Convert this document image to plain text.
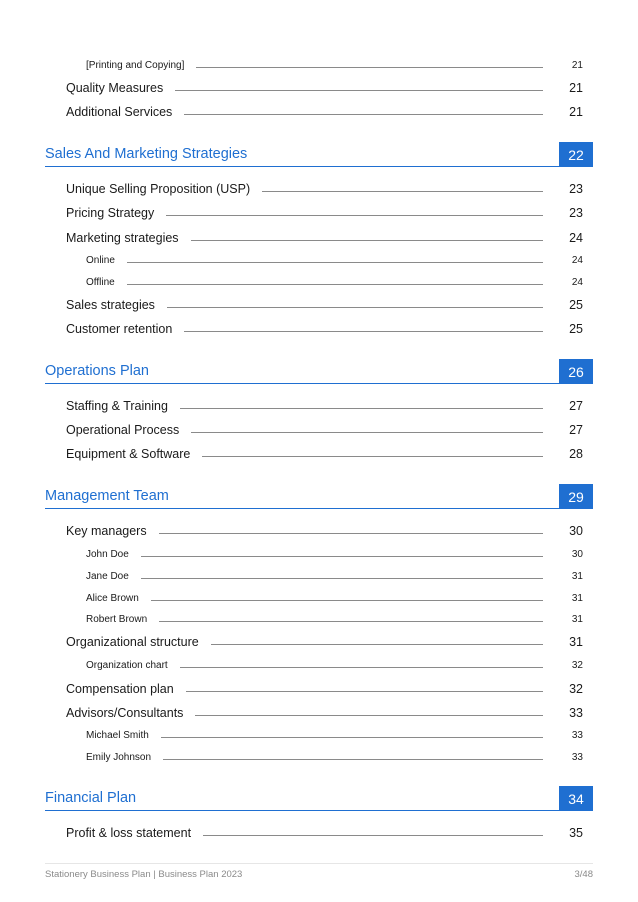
[Printing and Copying]	21
Quality Measures	21
Additional Services	21
Sales And Marketing Strategies	22
Unique Selling Proposition (USP)	23
Pricing Strategy	23
Marketing strategies	24
Online	24
Offline	24
Sales strategies	25
Customer retention	25
Operations Plan	26
Staffing & Training	27
Operational Process	27
Equipment & Software	28
Management Team	29
Key managers	30
John Doe	30
Jane Doe	31
Alice Brown	31
Robert Brown	31
Organizational structure	31
Organization chart	32
Compensation plan	32
Advisors/Consultants	33
Michael Smith	33
Emily Johnson	33
Financial Plan	34
Profit & loss statement	35
Stationery Business Plan | Business Plan 2023	3/48
